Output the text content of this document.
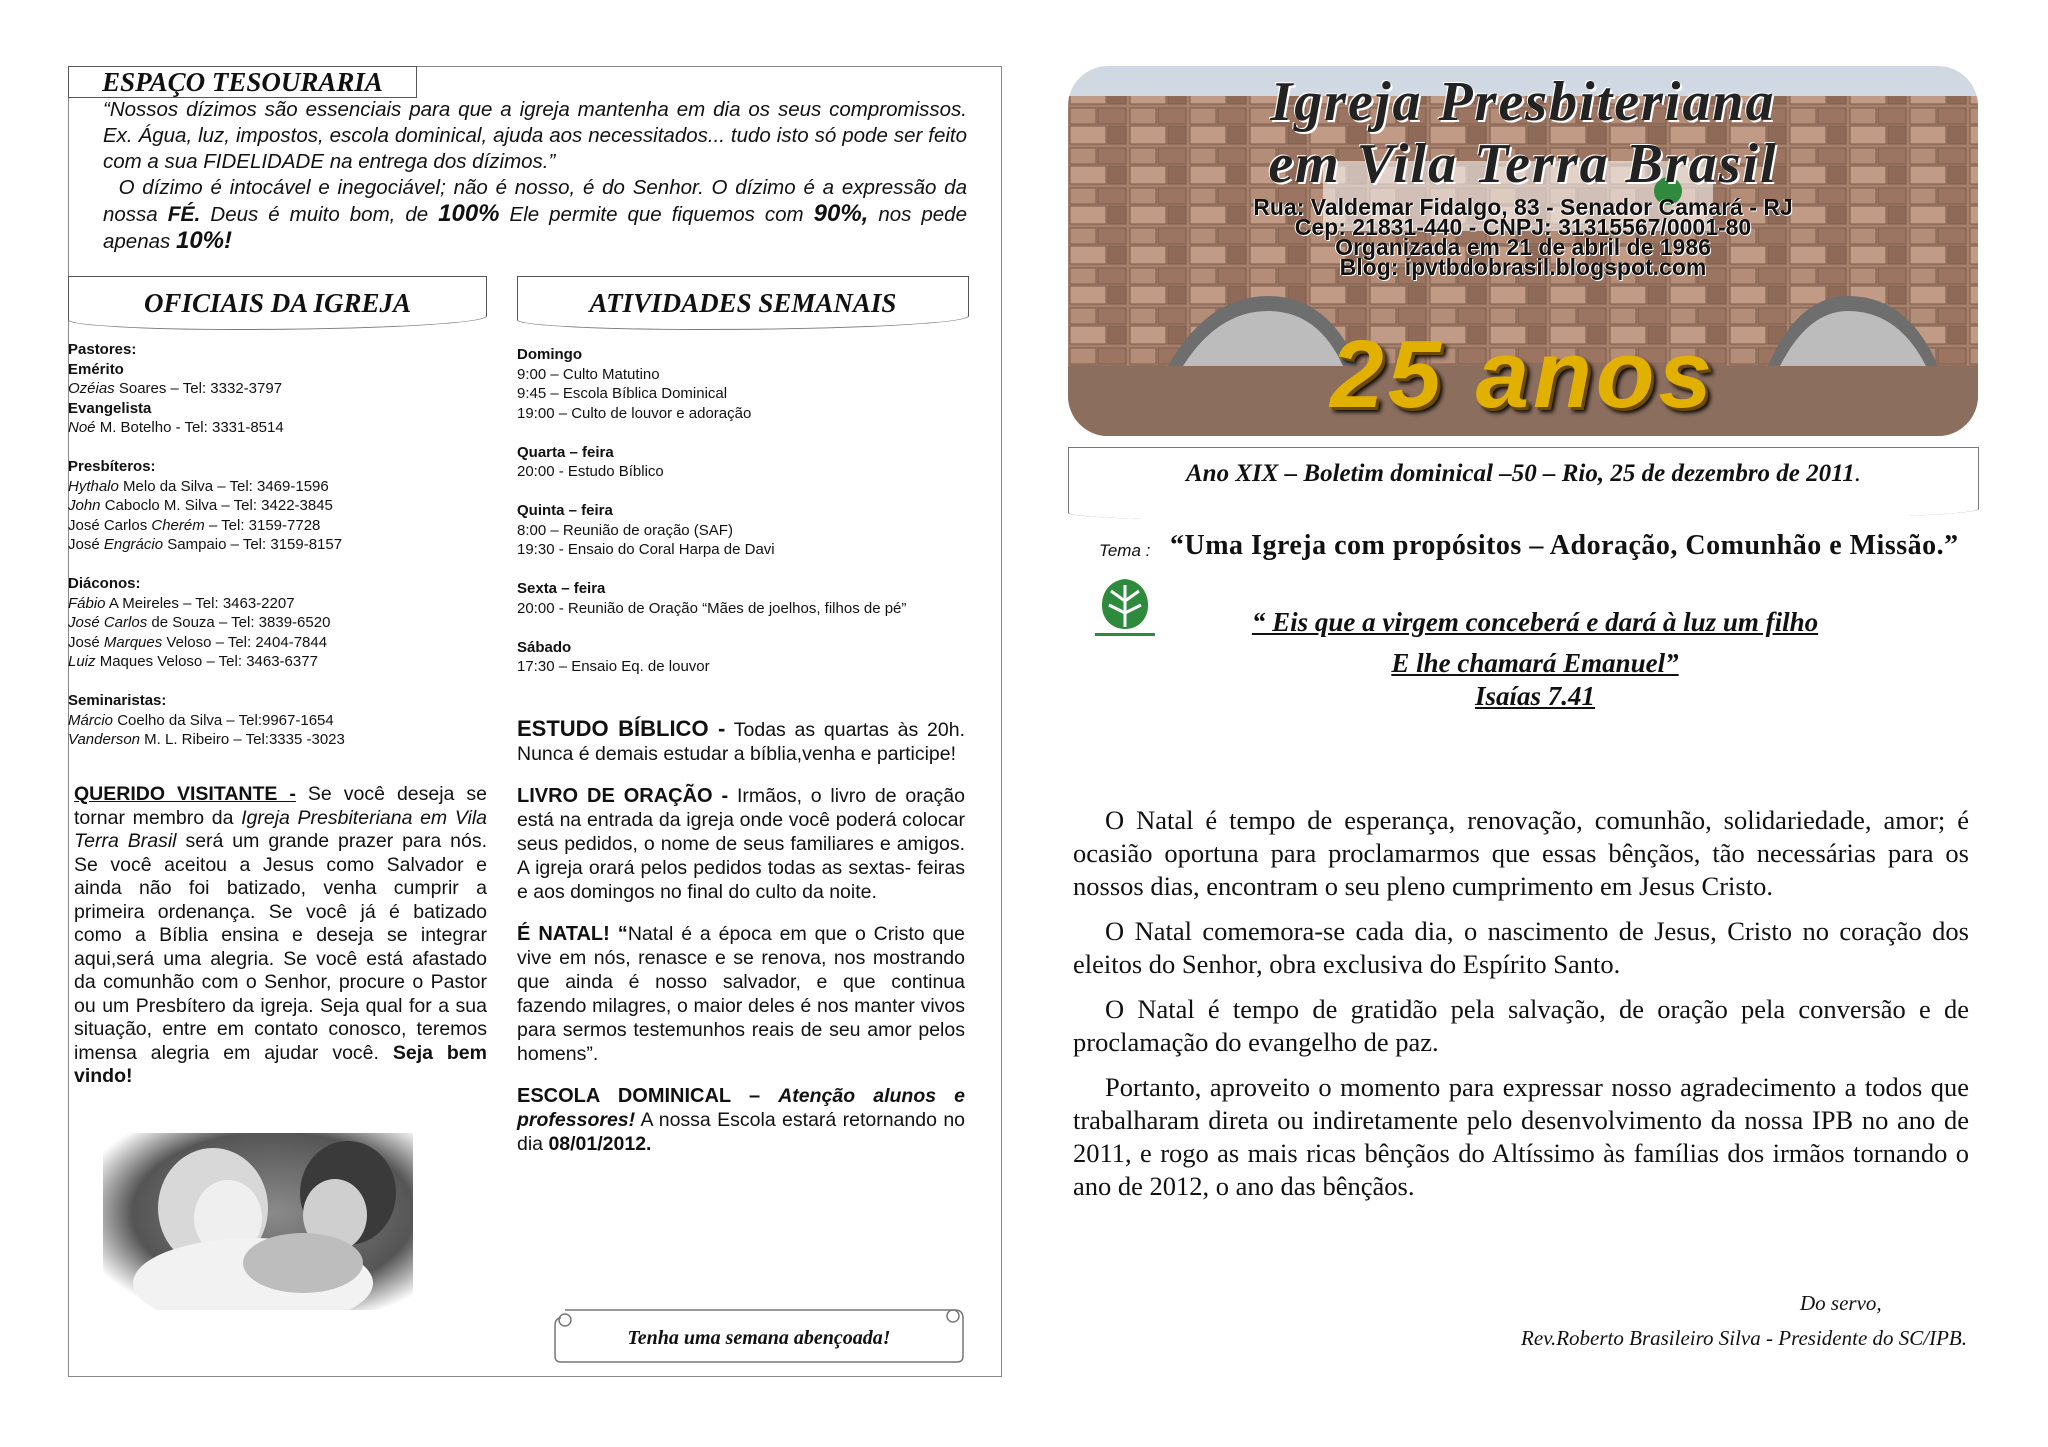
ESPAÇO TESOURARIA

“Nossos dízimos são essenciais para que a igreja mantenha em dia os seus compromissos. Ex. Água, luz, impostos, escola dominical, ajuda aos necessitados... tudo isto só pode ser feito com a sua FIDELIDADE na entrega dos dízimos.”

O dízimo é intocável e inegociável; não é nosso, é do Senhor. O dízimo é a expressão da nossa FÉ. Deus é muito bom, de 100% Ele permite que fiquemos com 90%, nos pede apenas 10%!

OFICIAIS DA IGREJA	ATIVIDADES SEMANAIS
Pastores:
Emérito
Ozéias Soares – Tel: 3332-3797
Evangelista
Noé M. Botelho - Tel: 3331-8514
Presbíteros:
Hythalo Melo da Silva – Tel: 3469-1596
John Caboclo M. Silva – Tel: 3422-3845
José Carlos Cherém – Tel: 3159-7728
José Engrácio Sampaio – Tel: 3159-8157
Diáconos:
Fábio A Meireles – Tel: 3463-2207
José Carlos de Souza – Tel: 3839-6520
José Marques Veloso – Tel: 2404-7844
Luiz Maques Veloso – Tel: 3463-6377
Seminaristas:
Márcio Coelho da Silva – Tel:9967-1654
Vanderson M. L. Ribeiro – Tel:3335 -3023
Domingo
9:00 – Culto Matutino
9:45 – Escola Bíblica Dominical
19:00 – Culto de louvor e adoração
Quarta – feira
20:00 - Estudo Bíblico
Quinta – feira
8:00 – Reunião de oração (SAF)
19:30 - Ensaio do Coral Harpa de Davi
Sexta – feira
20:00 - Reunião de Oração “Mães de joelhos, filhos de pé”
Sábado
17:30 – Ensaio Eq. de louvor
QUERIDO VISITANTE - Se você deseja se tornar membro da Igreja Presbiteriana em Vila Terra Brasil será um grande prazer para nós. Se você aceitou a Jesus como Salvador e ainda não foi batizado, venha cumprir a primeira ordenança. Se você já é batizado como a Bíblia ensina e deseja se integrar aqui,será uma alegria. Se você está afastado da comunhão com o Senhor, procure o Pastor ou um Presbítero da igreja. Seja qual for a sua situação, entre em contato conosco, teremos imensa alegria em ajudar você. Seja bem vindo!

ESTUDO BÍBLICO - Todas as quartas às 20h. Nunca é demais estudar a bíblia,venha e participe!

LIVRO DE ORAÇÃO - Irmãos, o livro de oração está na entrada da igreja onde você poderá colocar seus pedidos, o nome de seus familiares e amigos. A igreja orará pelos pedidos todas as sextas- feiras e aos domingos no final do culto da noite.

É NATAL! “Natal é a época em que o Cristo que vive em nós, renasce e se renova, nos mostrando que ainda é nosso salvador, e que continua fazendo milagres, o maior deles é nos manter vivos para sermos testemunhos reais de seu amor pelos homens”.

ESCOLA DOMINICAL – Atenção alunos e professores! A nossa Escola estará retornando no dia 08/01/2012.

Tenha uma semana abençoada!
Igreja Presbiteriana
em Vila Terra Brasil
Rua: Valdemar Fidalgo, 83 - Senador Camará - RJ
Cep: 21831-440 - CNPJ: 31315567/0001-80
Organizada em 21 de abril de 1986
Blog: ipvtbdobrasil.blogspot.com
25 anos
Ano XIX – Boletim dominical –50 – Rio, 25 de dezembro de 2011.
Tema : “Uma Igreja com propósitos – Adoração, Comunhão e Missão.”
“ Eis que a virgem conceberá e dará à luz um filho
E lhe chamará Emanuel”
Isaías 7.41

O Natal é tempo de esperança, renovação, comunhão, solidariedade, amor; é ocasião oportuna para proclamarmos que essas bênçãos, tão necessárias para os nossos dias, encontram o seu pleno cumprimento em Jesus Cristo.

O Natal comemora-se cada dia, o nascimento de Jesus, Cristo no coração dos eleitos do Senhor, obra exclusiva do Espírito Santo.

O Natal é tempo de gratidão pela salvação, de oração pela conversão e de proclamação do evangelho de paz.

Portanto, aproveito o momento para expressar nosso agradecimento a todos que trabalharam direta ou indiretamente pelo desenvolvimento da nossa IPB no ano de 2011, e rogo as mais ricas bênçãos do Altíssimo às famílias dos irmãos tornando o ano de 2012, o ano das bênçãos.

Do servo,
Rev.Roberto Brasileiro Silva - Presidente do SC/IPB.
